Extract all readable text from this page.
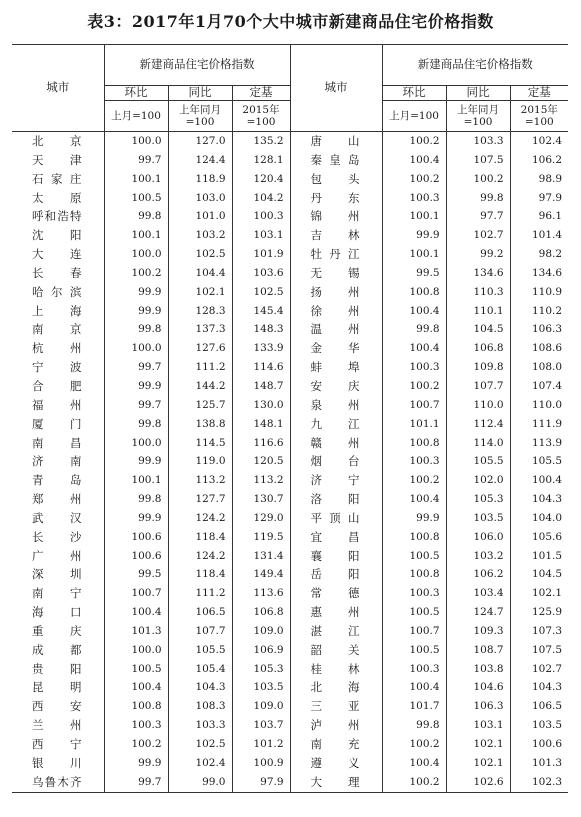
表3：2017年1月70个大中城市新建商品住宅价格指数
城市	新建商品住宅价格指数			城市	新建商品住宅价格指数		
	环比	同比	定基		环比	同比	定基
	上月=100	上年同月=100	2015年=100		上月=100	上年同月=100	2015年=100
北京	100.0	127.0	135.2	唐山	100.2	103.3	102.4
天津	99.7	124.4	128.1	秦皇岛	100.4	107.5	106.2
石家庄	100.1	118.9	120.4	包头	100.2	100.2	98.9
太原	100.5	103.0	104.2	丹东	100.3	99.8	97.9
呼和浩特	99.8	101.0	100.3	锦州	100.1	97.7	96.1
沈阳	100.1	103.2	103.1	吉林	99.9	102.7	101.4
大连	100.0	102.5	101.9	牡丹江	100.1	99.2	98.2
长春	100.2	104.4	103.6	无锡	99.5	134.6	134.6
哈尔滨	99.9	102.1	102.5	扬州	100.8	110.3	110.9
上海	99.9	128.3	145.4	徐州	100.4	110.1	110.2
南京	99.8	137.3	148.3	温州	99.8	104.5	106.3
杭州	100.0	127.6	133.9	金华	100.4	106.8	108.6
宁波	99.7	111.2	114.6	蚌埠	100.3	109.8	108.0
合肥	99.9	144.2	148.7	安庆	100.2	107.7	107.4
福州	99.7	125.7	130.0	泉州	100.7	110.0	110.0
厦门	99.8	138.8	148.1	九江	101.1	112.4	111.9
南昌	100.0	114.5	116.6	赣州	100.8	114.0	113.9
济南	99.9	119.0	120.5	烟台	100.3	105.5	105.5
青岛	100.1	113.2	113.2	济宁	100.2	102.0	100.4
郑州	99.8	127.7	130.7	洛阳	100.4	105.3	104.3
武汉	99.9	124.2	129.0	平顶山	99.9	103.5	104.0
长沙	100.6	118.4	119.5	宜昌	100.8	106.0	105.6
广州	100.6	124.2	131.4	襄阳	100.5	103.2	101.5
深圳	99.5	118.4	149.4	岳阳	100.8	106.2	104.5
南宁	100.7	111.2	113.6	常德	100.3	103.4	102.1
海口	100.4	106.5	106.8	惠州	100.5	124.7	125.9
重庆	101.3	107.7	109.0	湛江	100.7	109.3	107.3
成都	100.0	105.5	106.9	韶关	100.5	108.7	107.5
贵阳	100.5	105.4	105.3	桂林	100.3	103.8	102.7
昆明	100.4	104.3	103.5	北海	100.4	104.6	104.3
西安	100.8	108.3	109.0	三亚	101.7	106.3	106.5
兰州	100.3	103.3	103.7	泸州	99.8	103.1	103.5
西宁	100.2	102.5	101.2	南充	100.2	102.1	100.6
银川	99.9	102.4	100.9	遵义	100.4	102.1	101.3
乌鲁木齐	99.7	99.0	97.9	大理	100.2	102.6	102.3
